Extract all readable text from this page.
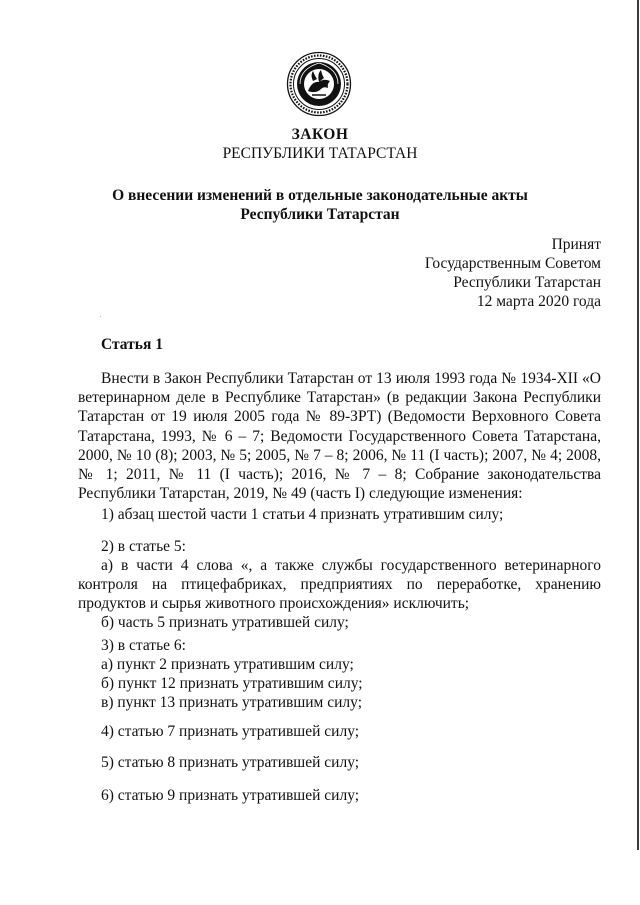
ЗАКОН
РЕСПУБЛИКИ ТАТАРСТАН
О внесении изменений в отдельные законодательные акты
Республики Татарстан
Принят
Государственным Советом
Республики Татарстан
12 марта 2020 года
Статья 1
Внести в Закон Республики Татарстан от 13 июля 1993 года № 1934-XII «О ветеринарном деле в Республике Татарстан» (в редакции Закона Республики Татарстан от 19 июля 2005 года № 89-ЗРТ) (Ведомости Верховного Совета Татарстана, 1993, № 6 – 7; Ведомости Государственного Совета Татарстана, 2000, № 10 (8); 2003, № 5; 2005, № 7 – 8; 2006, № 11 (I часть); 2007, № 4; 2008, № 1; 2011, № 11 (I часть); 2016, № 7 – 8; Собрание законодательства Республики Татарстан, 2019, № 49 (часть I) следующие изменения:
1) абзац шестой части 1 статьи 4 признать утратившим силу;
2) в статье 5:
а) в части 4 слова «, а также службы государственного ветеринарного контроля на птицефабриках, предприятиях по переработке, хранению продуктов и сырья животного происхождения» исключить;
б) часть 5 признать утратившей силу;
3) в статье 6:
а) пункт 2 признать утратившим силу;
б) пункт 12 признать утратившим силу;
в) пункт 13 признать утратившим силу;
4) статью 7 признать утратившей силу;
5) статью 8 признать утратившей силу;
6) статью 9 признать утратившей силу;
